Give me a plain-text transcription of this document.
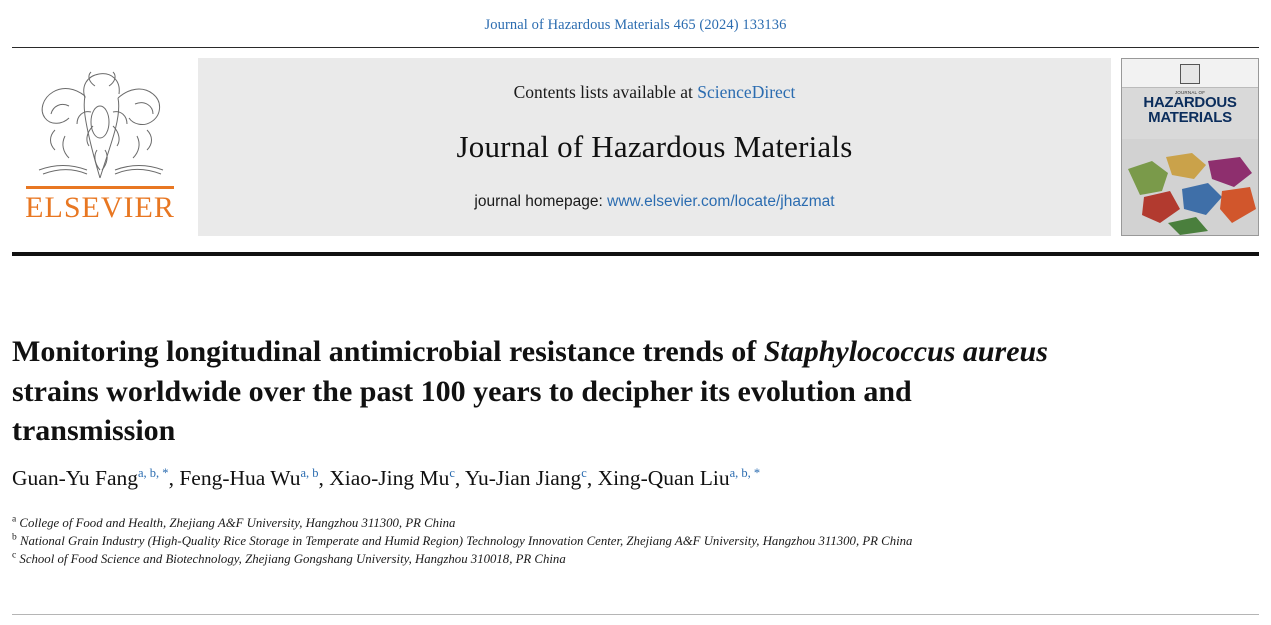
Journal of Hazardous Materials 465 (2024) 133136
ELSEVIER
Contents lists available at ScienceDirect
Journal of Hazardous Materials
journal homepage: www.elsevier.com/locate/jhazmat
JOURNAL OF
HAZARDOUS
MATERIALS
Monitoring longitudinal antimicrobial resistance trends of Staphylococcus aureus strains worldwide over the past 100 years to decipher its evolution and transmission
Guan-Yu Fang$^{a, b, *}$, Feng-Hua Wu$^{a, b}$, Xiao-Jing Mu$^c$, Yu-Jian Jiang$^c$, Xing-Quan Liu$^{a, b, *}$
$^a$ College of Food and Health, Zhejiang A&F University, Hangzhou 311300, PR China
$^b$ National Grain Industry (High-Quality Rice Storage in Temperate and Humid Region) Technology Innovation Center, Zhejiang A&F University, Hangzhou 311300, PR China
$^c$ School of Food Science and Biotechnology, Zhejiang Gongshang University, Hangzhou 310018, PR China
